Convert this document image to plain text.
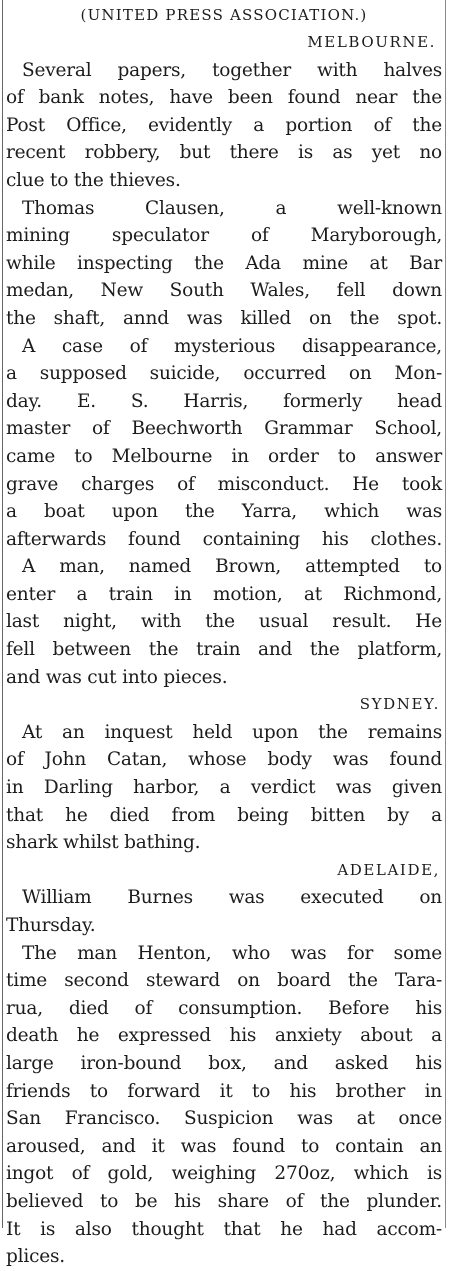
(UNITED PRESS ASSOCIATION.)
MELBOURNE.
Several papers, together with halves
of bank notes, have been found near the
Post Office, evidently a portion of the
recent robbery, but there is as yet no
clue to the thieves.
Thomas Clausen, a well-known
mining speculator of Maryborough,
while inspecting the Ada mine at Bar
medan, New South Wales, fell down
the shaft, annd was killed on the spot.
A case of mysterious disappearance,
a supposed suicide, occurred on Mon-
day. E. S. Harris, formerly head
master of Beechworth Grammar School,
came to Melbourne in order to answer
grave charges of misconduct. He took
a boat upon the Yarra, which was
afterwards found containing his clothes.
A man, named Brown, attempted to
enter a train in motion, at Richmond,
last night, with the usual result. He
fell between the train and the platform,
and was cut into pieces.
SYDNEY.
At an inquest held upon the remains
of John Catan, whose body was found
in Darling harbor, a verdict was given
that he died from being bitten by a
shark whilst bathing.
ADELAIDE,
William Burnes was executed on
Thursday.
The man Henton, who was for some
time second steward on board the Tara-
rua, died of consumption. Before his
death he expressed his anxiety about a
large iron-bound box, and asked his
friends to forward it to his brother in
San Francisco. Suspicion was at once
aroused, and it was found to contain an
ingot of gold, weighing 270oz, which is
believed to be his share of the plunder.
It is also thought that he had accom-
plices.
